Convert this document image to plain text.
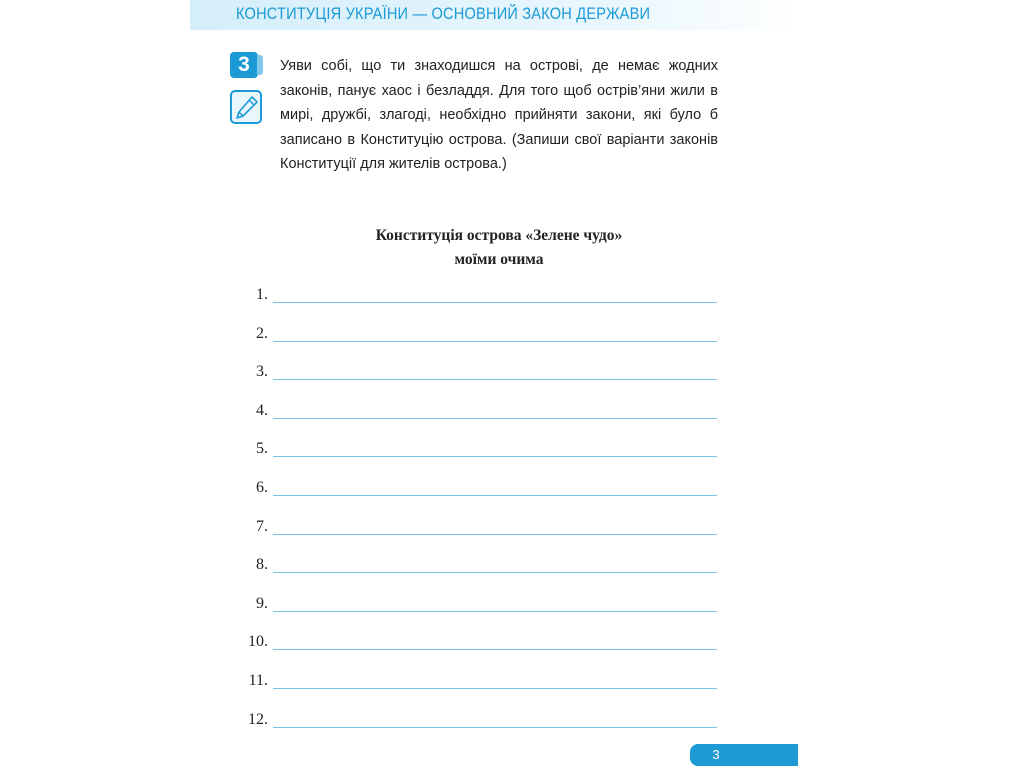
КОНСТИТУЦІЯ УКРАЇНИ — ОСНОВНИЙ ЗАКОН ДЕРЖАВИ
3	Уяви собі, що ти знаходишся на острові, де немає жодних законів, панує хаос і безладдя. Для того щоб острів’яни жили в мирі, дружбі, злагоді, необхідно прийняти закони, які було б записано в Конституцію острова. (Запиши свої варіанти законів Конституції для жителів острова.)
Конституція острова «Зелене чудо»
моїми очима
1.
2.
3.
4.
5.
6.
7.
8.
9.
10.
11.
12.
3
